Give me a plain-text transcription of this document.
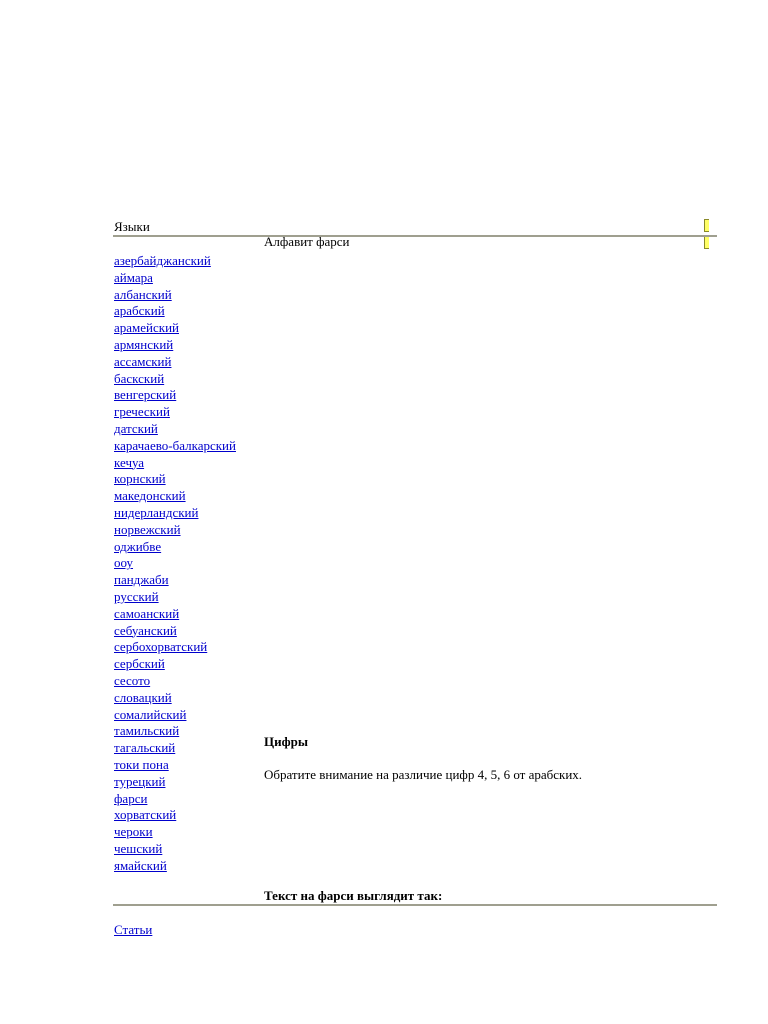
Языки
Алфавит фарси
азербайджанский
аймара
албанский
арабский
арамейский
армянский
ассамский
баскский
венгерский
греческий
датский
карачаево-балкарский
кечуа
корнский
македонский
нидерландский
норвежский
оджибве
ооу
панджаби
русский
самоанский
себуанский
сербохорватский
сербский
сесото
словацкий
сомалийский
тамильский
тагальский
токи пона
турецкий
фарси
хорватский
чероки
чешский
ямайский
Цифры
Обратите внимание на различие цифр 4, 5, 6 от арабских.
Текст на фарси выглядит так:
Статьи
